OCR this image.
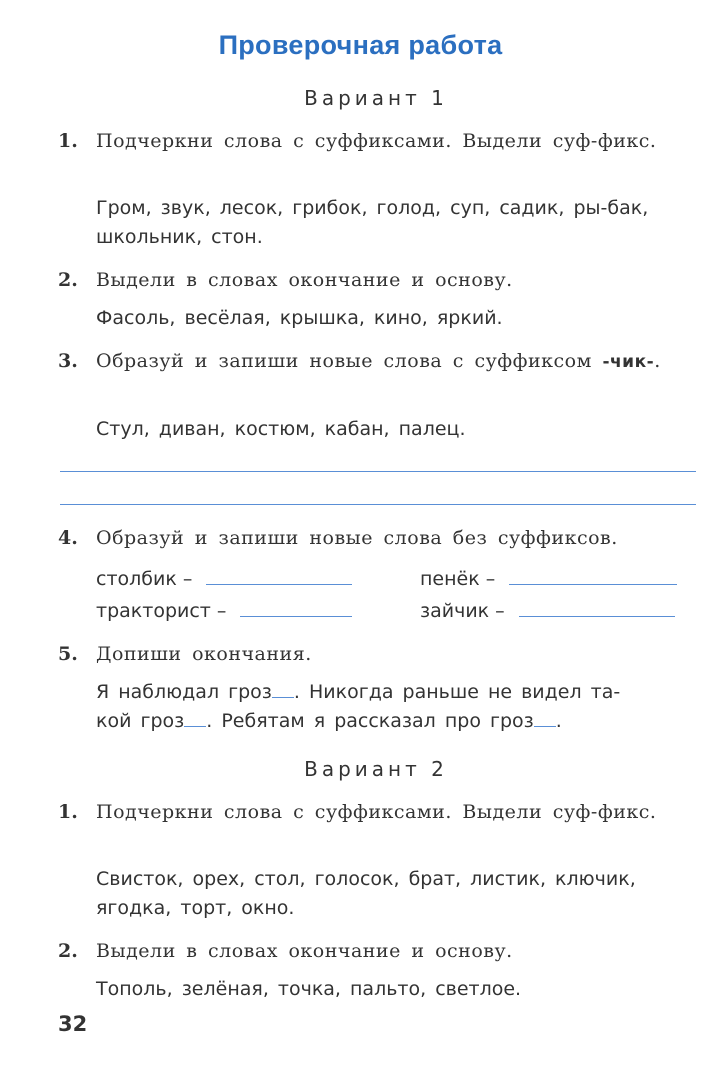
Проверочная работа
Вариант 1
1. Подчеркни слова с суффиксами. Выдели суф-фикс.
Гром, звук, лесок, грибок, голод, суп, садик, ры-бак, школьник, стон.
2. Выдели в словах окончание и основу.
Фасоль, весёлая, крышка, кино, яркий.
3. Образуй и запиши новые слова с суффиксом -чик-.
Стул, диван, костюм, кабан, палец.
4. Образуй и запиши новые слова без суффиксов.
столбик –	пенёк –
тракторист –	зайчик –
5. Допиши окончания.
Я наблюдал гроз . Никогда раньше не видел та-
кой гроз . Ребятам я рассказал про гроз .
Вариант 2
1. Подчеркни слова с суффиксами. Выдели суф-фикс.
Свисток, орех, стол, голосок, брат, листик, ключик, ягодка, торт, окно.
2. Выдели в словах окончание и основу.
Тополь, зелёная, точка, пальто, светлое.
32
